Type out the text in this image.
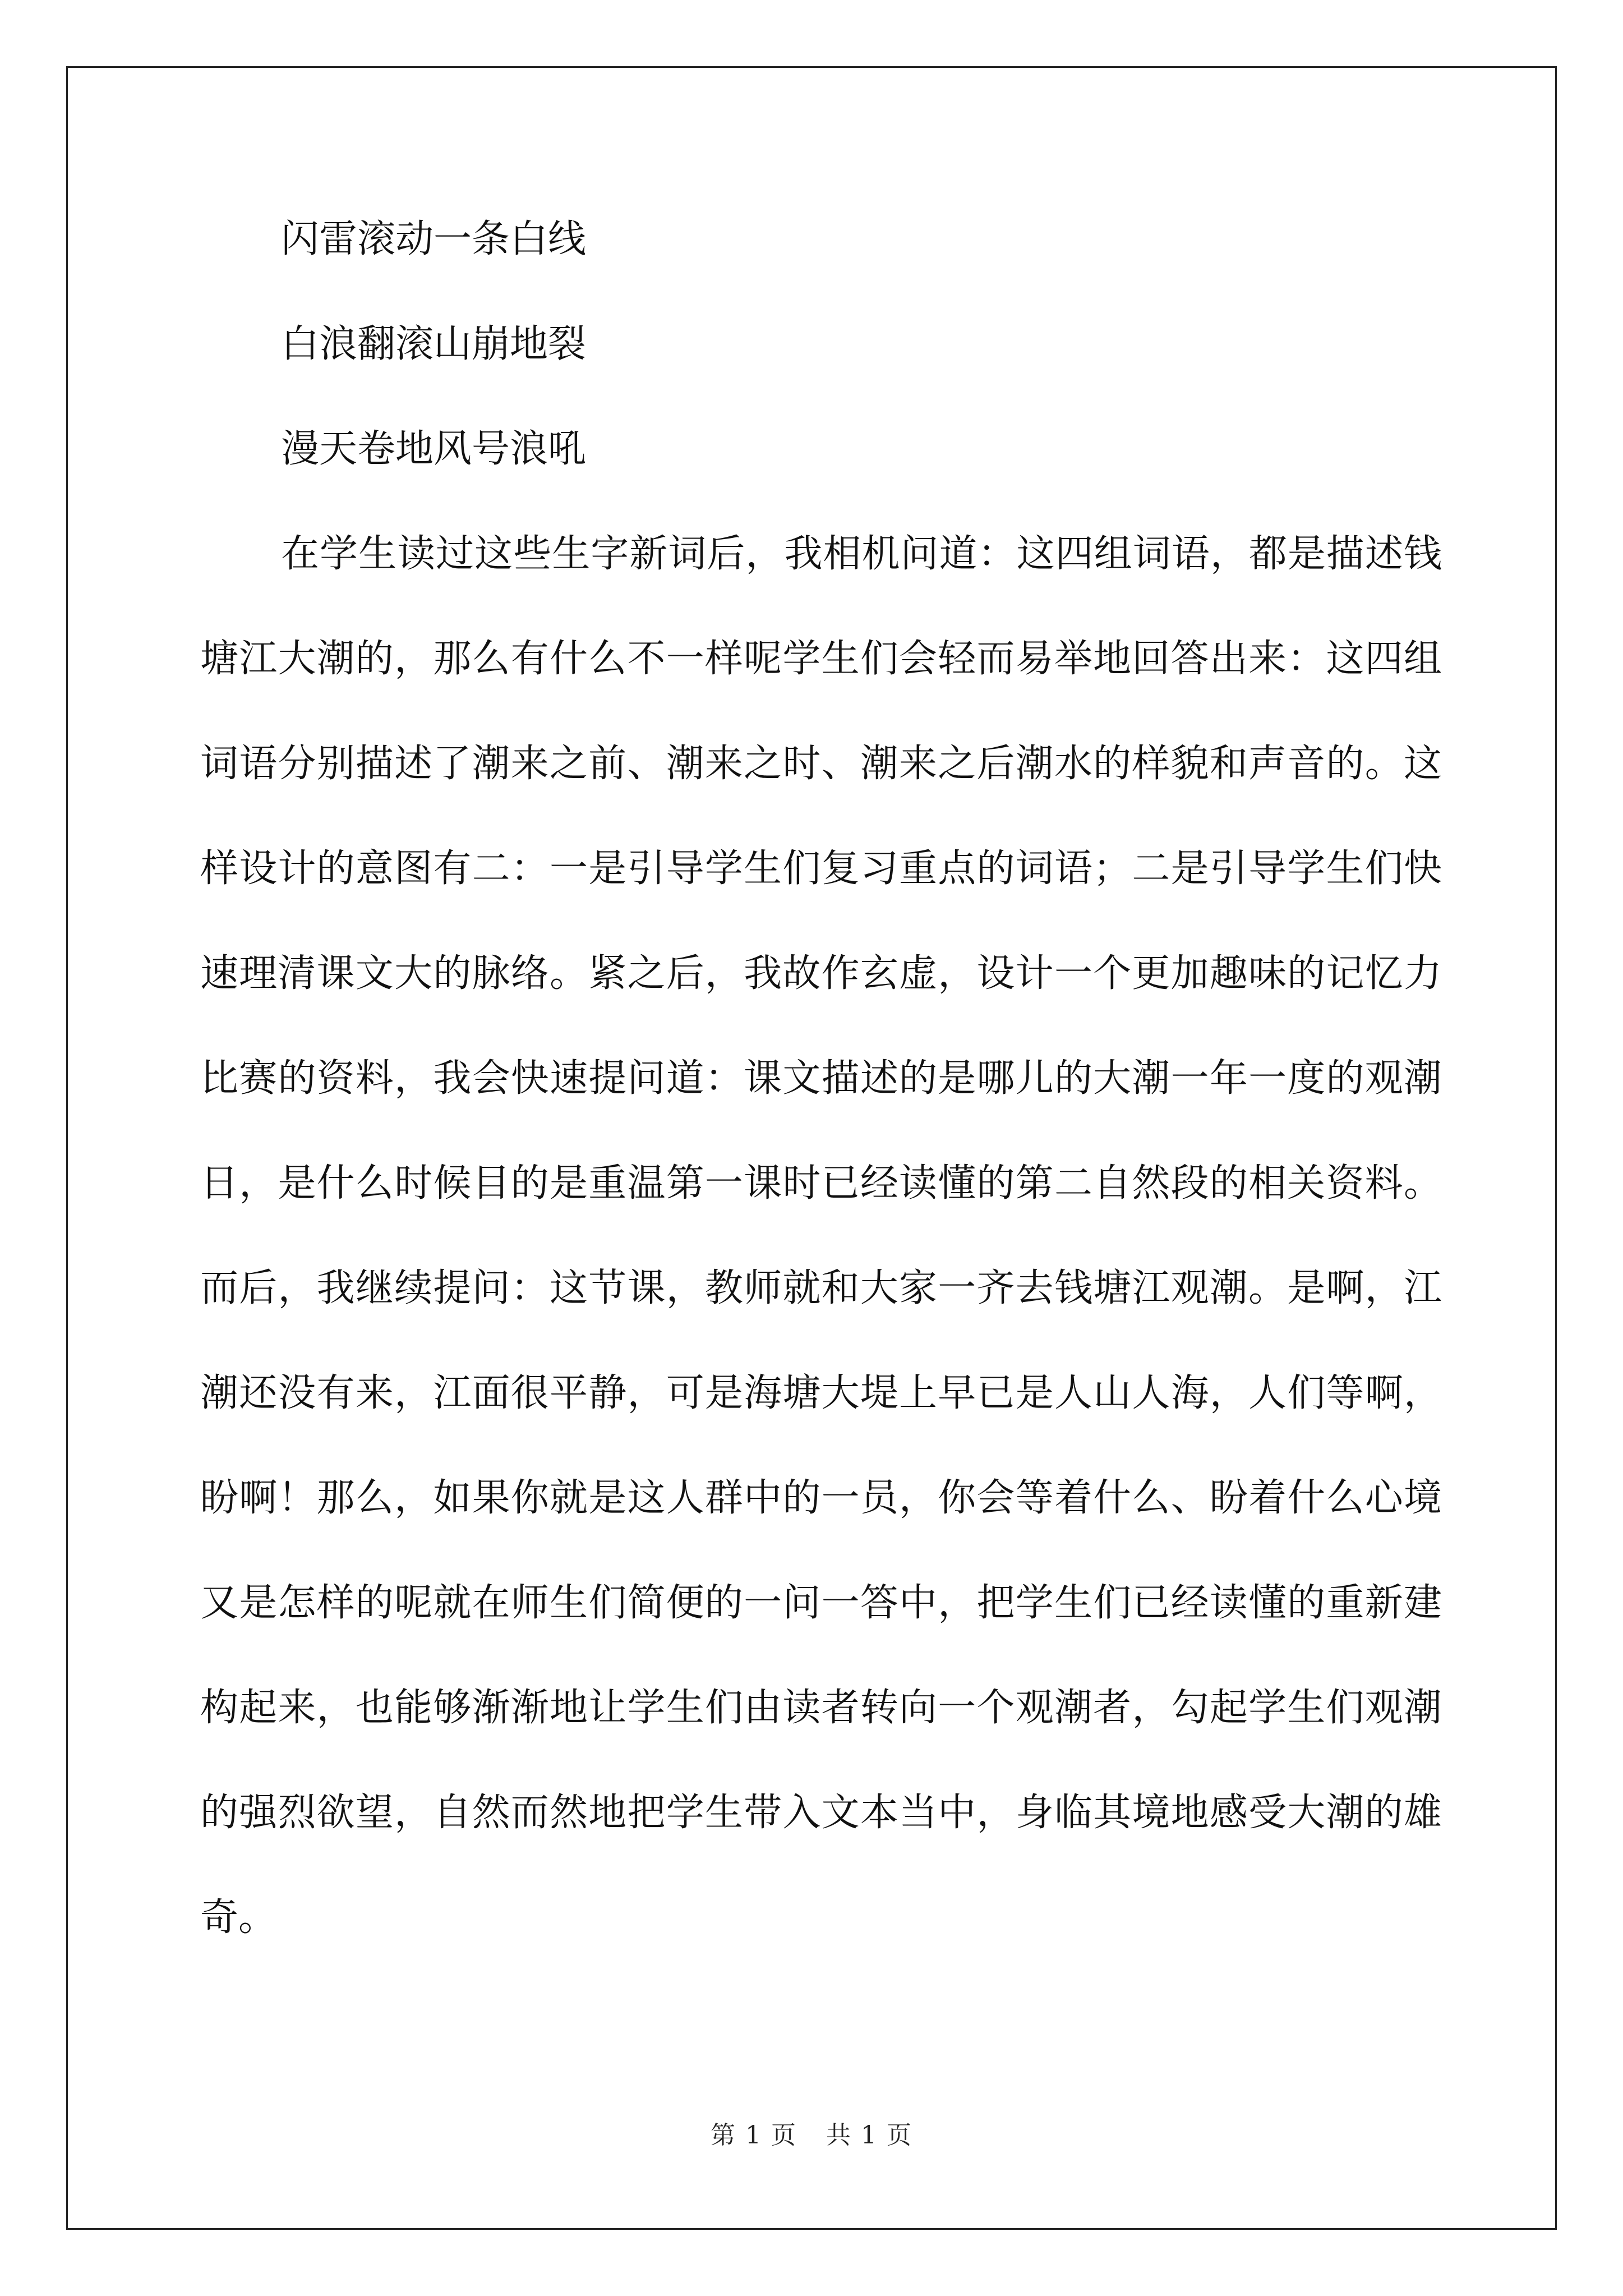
闪雷滚动一条白线

白浪翻滚山崩地裂

漫天卷地风号浪吼

在学生读过这些生字新词后，我相机问道：这四组词语，都是描述钱塘江大潮的，那么有什么不一样呢学生们会轻而易举地回答出来：这四组词语分别描述了潮来之前、潮来之时、潮来之后潮水的样貌和声音的。这样设计的意图有二：一是引导学生们复习重点的词语；二是引导学生们快速理清课文大的脉络。紧之后，我故作玄虚，设计一个更加趣味的记忆力比赛的资料，我会快速提问道：课文描述的是哪儿的大潮一年一度的观潮日，是什么时候目的是重温第一课时已经读懂的第二自然段的相关资料。而后，我继续提问：这节课，教师就和大家一齐去钱塘江观潮。是啊，江潮还没有来，江面很平静，可是海塘大堤上早已是人山人海，人们等啊，盼啊！那么，如果你就是这人群中的一员，你会等着什么、盼着什么心境又是怎样的呢就在师生们简便的一问一答中，把学生们已经读懂的重新建构起来，也能够渐渐地让学生们由读者转向一个观潮者，勾起学生们观潮的强烈欲望，自然而然地把学生带入文本当中，身临其境地感受大潮的雄奇。

第 1 页 共 1 页
